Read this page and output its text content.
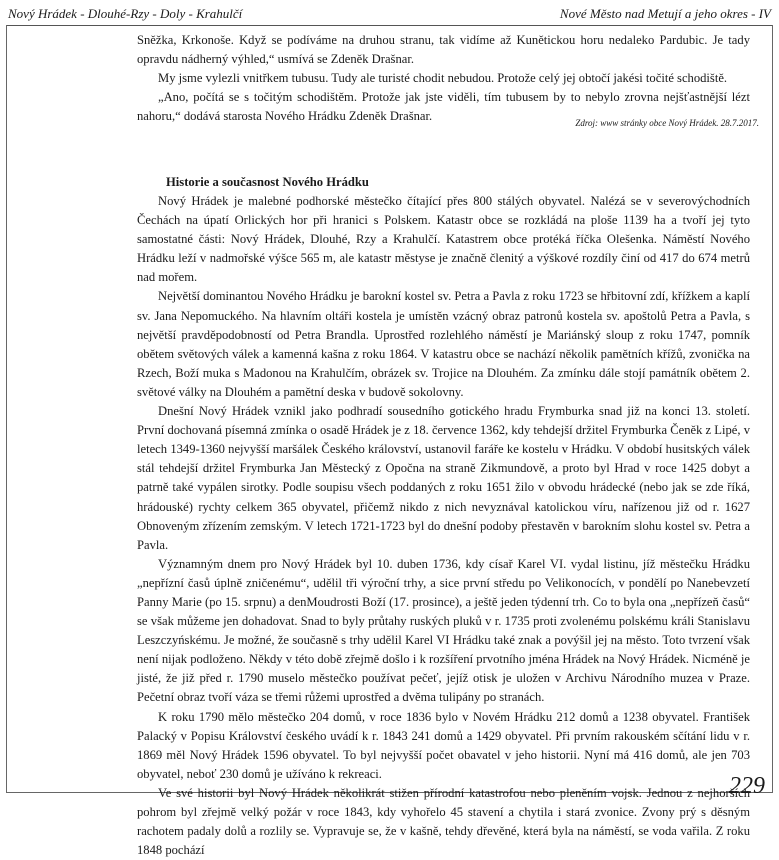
Nový Hrádek - Dlouhé-Rzy - Doly - Krahulčí	Nové Město nad Metují a jeho okres - IV

Sněžka, Krkonoše. Když se podíváme na druhou stranu, tak vidíme až Kunětickou horu nedaleko Pardubic. Je tady opravdu nádherný výhled,“ usmívá se Zdeněk Drašnar.

My jsme vylezli vnitřkem tubusu. Tudy ale turisté chodit nebudou. Protože celý jej obtočí jakési točité schodiště.

„Ano, počítá se s točitým schodištěm. Protože jak jste viděli, tím tubusem by to nebylo zrovna nejšťastnější lézt nahoru,“ dodává starosta Nového Hrádku Zdeněk Drašnar.	Zdroj: www stránky obce Nový Hrádek. 28.7.2017.
Historie a současnost Nového Hrádku

Nový Hrádek je malebné podhorské městečko čítající přes 800 stálých obyvatel. Nalézá se v severovýchodních Čechách na úpatí Orlických hor při hranici s Polskem. Katastr obce se rozkládá na ploše 1139 ha a tvoří jej tyto samostatné části: Nový Hrádek, Dlouhé, Rzy a Krahulčí. Katastrem obce protéká říčka Olešenka. Náměstí Nového Hrádku leží v nadmořské výšce 565 m, ale katastr městyse je značně členitý a výškové rozdíly činí od 417 do 674 metrů nad mořem.

Největší dominantou Nového Hrádku je barokní kostel sv. Petra a Pavla z roku 1723 se hřbitovní zdí, křížkem a kaplí sv. Jana Nepomuckého. Na hlavním oltáři kostela je umístěn vzácný obraz patronů kostela sv. apoštolů Petra a Pavla, s největší pravděpodobností od Petra Brandla. Uprostřed rozlehlého náměstí je Mariánský sloup z roku 1747, pomník obětem světových válek a kamenná kašna z roku 1864. V katastru obce se nachází několik pamětních křížů, zvonička na Rzech, Boží muka s Madonou na Krahulčím, obrázek sv. Trojice na Dlouhém. Za zmínku dále stojí památník obětem 2. světové války na Dlouhém a pamětní deska v budově sokolovny.

Dnešní Nový Hrádek vznikl jako podhradí sousedního gotického hradu Frymburka snad již na konci 13. století. První dochovaná písemná zmínka o osadě Hrádek je z 18. července 1362, kdy tehdejší držitel Frymburka Čeněk z Lipé, v letech 1349-1360 nejvyšší maršálek Českého království, ustanovil faráře ke kostelu v Hrádku. V období husitských válek stál tehdejší držitel Frymburka Jan Městecký z Opočna na straně Zikmundově, a proto byl Hrad v roce 1425 dobyt a patrně také vypálen sirotky. Podle soupisu všech poddaných z roku 1651 žilo v obvodu hrádecké (nebo jak se zde říká, hrádouské) rychty celkem 365 obyvatel, přičemž nikdo z nich nevyznával katolickou víru, nařízenou již od r. 1627 Obnoveným zřízením zemským. V letech 1721-1723 byl do dnešní podoby přestavěn v barokním slohu kostel sv. Petra a Pavla.

Významným dnem pro Nový Hrádek byl 10. duben 1736, kdy císař Karel VI. vydal listinu, jíž městečku Hrádku „nepřízní časů úplně zničenému“, udělil tři výroční trhy, a sice první středu po Velikonocích, v pondělí po Nanebevzetí Panny Marie (po 15. srpnu) a denMoudrosti Boží (17. prosince), a ještě jeden týdenní trh. Co to byla ona „nepřízeň časů“ se však můžeme jen dohadovat. Snad to byly průtahy ruských pluků v r. 1735 proti zvolenému polskému králi Stanislavu Leszczyńskému. Je možné, že současně s trhy udělil Karel VI Hrádku také znak a povýšil jej na město. Toto tvrzení však není nijak podloženo. Někdy v této době zřejmě došlo i k rozšíření prvotního jména Hrádek na Nový Hrádek. Nicméně je jisté, že již před r. 1790 muselo městečko používat pečeť, jejíž otisk je uložen v Archivu Národního muzea v Praze. Pečetní obraz tvoří váza se třemi růžemi uprostřed a dvěma tulipány po stranách.

K roku 1790 mělo městečko 204 domů, v roce 1836 bylo v Novém Hrádku 212 domů a 1238 obyvatel. František Palacký v Popisu Království českého uvádí k r. 1843 241 domů a 1429 obyvatel. Při prvním rakouském sčítání lidu v r. 1869 měl Nový Hrádek 1596 obyvatel. To byl nejvyšší počet obavatel v jeho historii. Nyní má 416 domů, ale jen 703 obyvatel, neboť 230 domů je užíváno k rekreaci.

Ve své historii byl Nový Hrádek několikrát stižen přírodní katastrofou nebo pleněním vojsk. Jednou z nejhorších pohrom byl zřejmě velký požár v roce 1843, kdy vyhořelo 45 stavení a chytila i stará zvonice. Zvony prý s děsným rachotem padaly dolů a rozlily se. Vypravuje se, že v kašně, tehdy dřevěné, která byla na náměstí, se voda vařila. Z roku 1848 pochází

229
